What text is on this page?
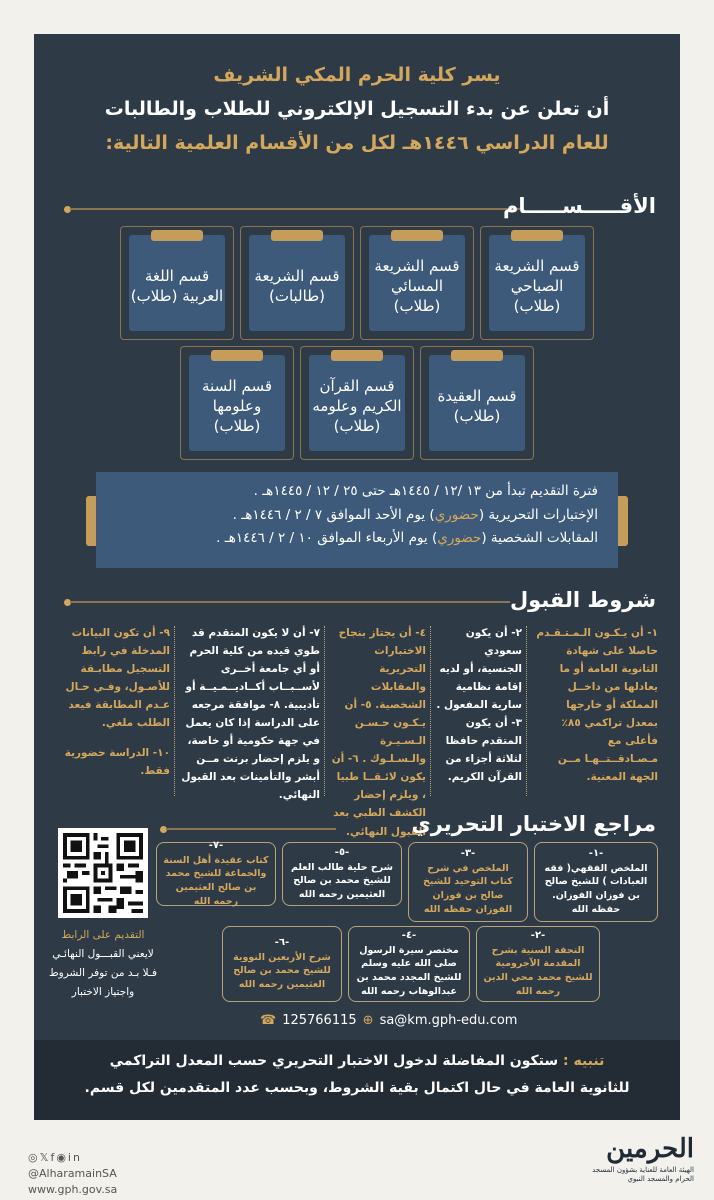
يسر كلية الحرم المكي الشريف
أن تعلن عن بدء التسجيل الإلكتروني للطلاب والطالبات
للعام الدراسي ١٤٤٦هـ لكل من الأقسام العلمية التالية:
الأقـــــســـــام
قسم الشريعة الصباحي (طلاب)
قسم الشريعة المسائي (طلاب)
قسم الشريعة (طالبات)
قسم اللغة العربية (طلاب)
قسم العقيدة (طلاب)
قسم القرآن الكريم وعلومه (طلاب)
قسم السنة وعلومها (طلاب)
فترة التقديم تبدأ من ١٣ /١٢ / ١٤٤٥هـ حتى ٢٥ / ١٢ / ١٤٤٥هـ .
الإختبارات التحريرية (حضوري) يوم الأحد الموافق ٧ / ٢ / ١٤٤٦هـ .
المقابلات الشخصية (حضوري) يوم الأربعاء الموافق ١٠ / ٢ / ١٤٤٦هـ .
شروط القبول
١- أن يـكـون الـمـتـقـدم حاصلا على شهادة الثانوية العامة أو ما يعادلها من داخــل المملكة أو خارجها بمعدل تراكمي ٨٥٪ فأعلى مع مـصـادقــتــهـا مــن الجهة المعنية.
٢- أن يكون سعودي الجنسية، أو لديه إقامة نظامية سارية المفعول . ٣- أن يكون المتقدم حافظا لثلاثة أجزاء من القرآن الكريم.
٤- أن يجتاز بنجاح الاختبارات التحريرية والمقابلات الشخصية. ٥- أن يـكـون حـسـن الـسـيـرة والـسـلـوك . ٦- أن يكون لائـقــا طبيا ، ويلزم إحضار الكشف الطبي بعد القبول النهائي.
٧- أن لا يكون المتقدم قد طوي قيده من كلية الحرم أو أي جامعة أخــرى لأســبــاب أكــاديــمـيــة أو تأديبية. ٨- موافقة مرجعه على الدراسة إذا كان يعمل في جهة حكومية أو خاصة، و يلزم إحضار برنت مــن أبشر والتأمينات بعد القبول النهائي.
٩- أن تكون البيانات المدخلة في رابط التسجيل مطابـقة للأصـول، وفـي حـال عـدم المطابقة فيعد الطلب ملغي.
١٠- الدراسة حضورية فقط.
مراجع الاختبار التحريري
-١-
الملخص الفقهي( فقه العبادات ) للشيخ صالح بن فوزان الفوزان. حفظه الله
-٣-
الملخص في شرح كتاب التوحيد للشيخ صالح بن فوزان الفوزان حفظه الله
-٥-
شرح حلية طالب العلم للشيخ محمد بن صالح العثيمين رحمه الله
-٧-
كتاب عقيدة أهل السنة والجماعة للشيخ محمد بن صالح العثيمين رحمه الله
-٢-
التحفة السنية بشرح المقدمة الآجرومية للشيخ محمد محي الدين رحمه الله
-٤-
مختصر سيرة الرسول صلى الله عليه وسلم للشيخ المجدد محمد بن عبدالوهاب رحمه الله
-٦-
شرح الأربعين النووية للشيخ محمد بن صالح العثيمين رحمه الله
التقديم على الرابط
لايعني القبـــول النهائـي فـلا بـد من توفر الشروط واجتياز الاختبار
☎ 125766115 ⊕ sa@km.gph-edu.com
تنبيه : ستكون المفاضلة لدخول الاختبار التحريري حسب المعدل التراكمي
للثانوية العامة في حال اكتمال بقية الشروط، وبحسب عدد المتقدمين لكل قسم.
◎𝕏f◉in
@AlharamainSA
www.gph.gov.sa
الحرمين
الهيئة العامة للعناية بشؤون المسجد الحرام والمسجد النبوي
